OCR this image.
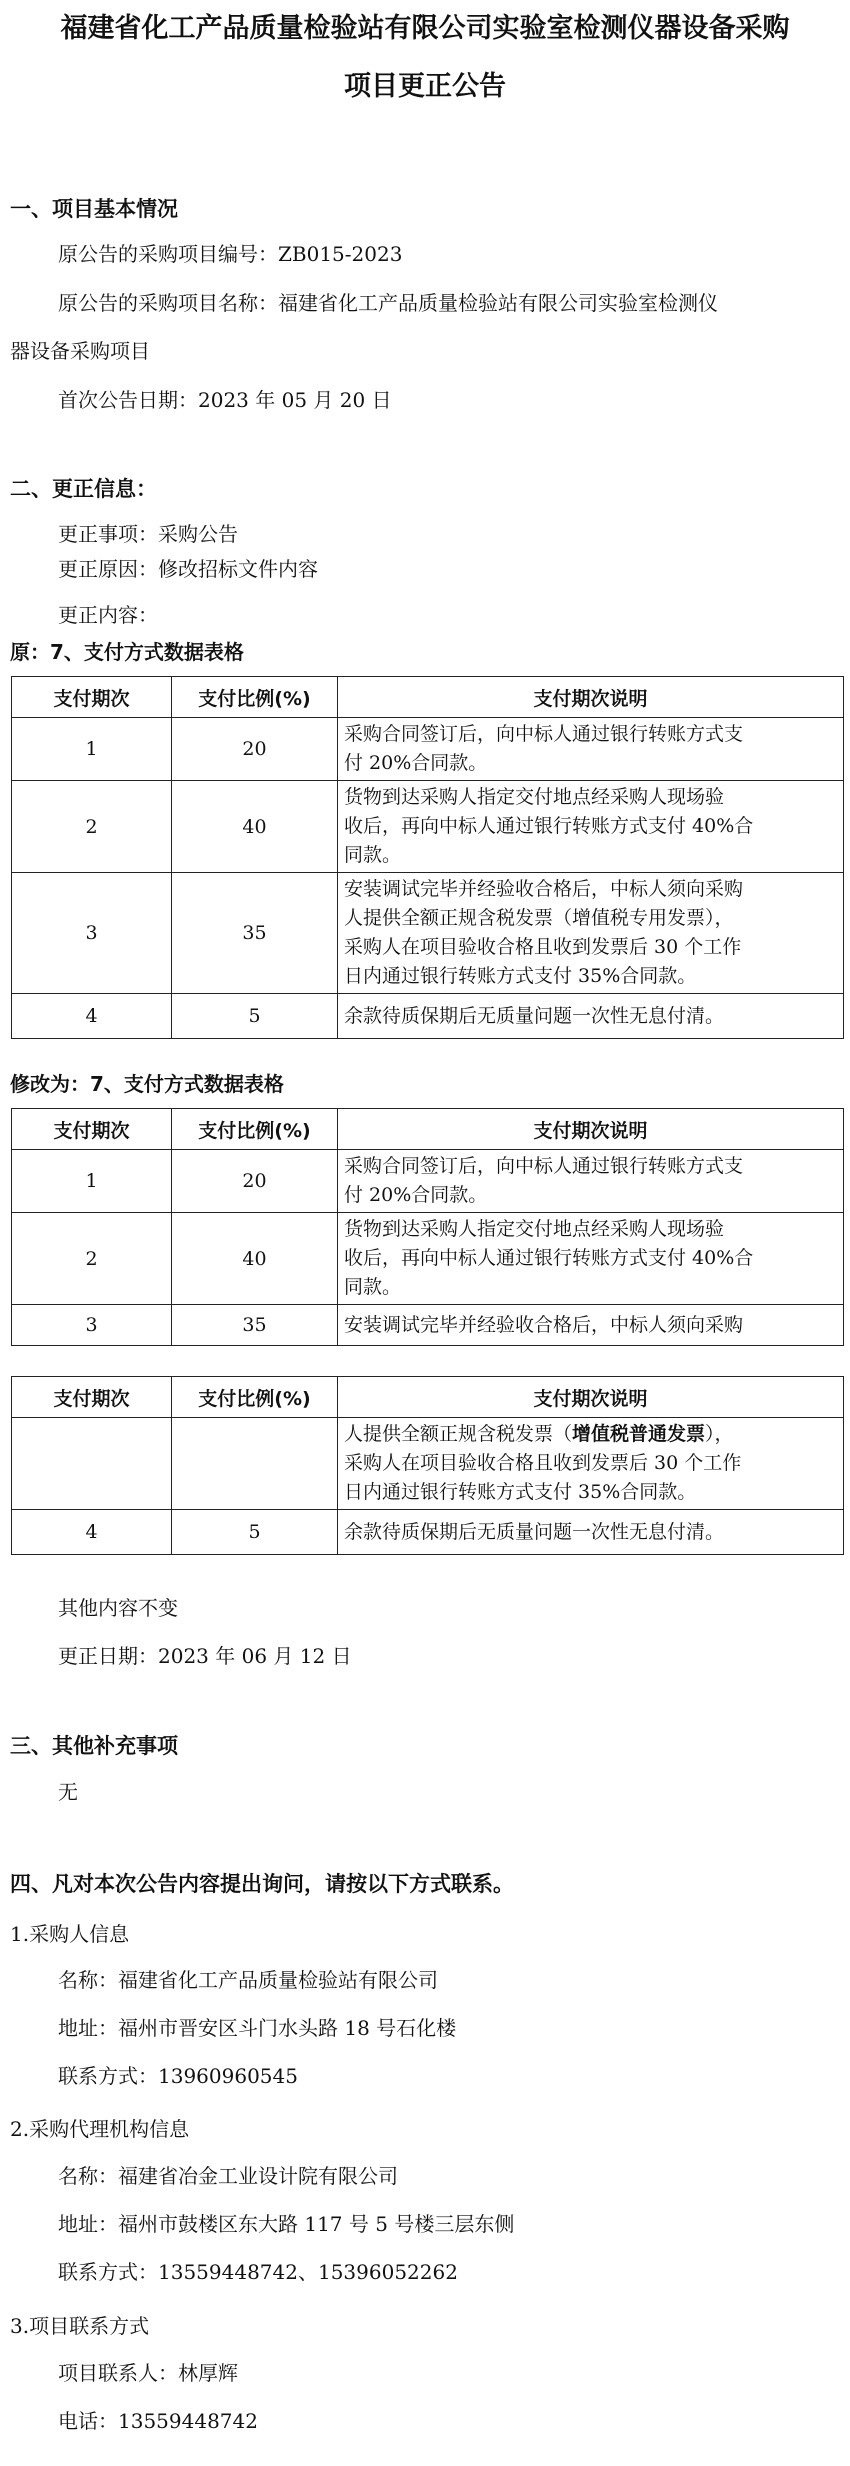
福建省化工产品质量检验站有限公司实验室检测仪器设备采购
项目更正公告
一、项目基本情况
原公告的采购项目编号：ZB015-2023
原公告的采购项目名称：福建省化工产品质量检验站有限公司实验室检测仪
器设备采购项目
首次公告日期：2023 年 05 月 20 日
二、更正信息：
更正事项：采购公告
更正原因：修改招标文件内容
更正内容：
原：7、支付方式数据表格
支付期次	支付比例(%)	支付期次说明
1	20	采购合同签订后，向中标人通过银行转账方式支
付 20%合同款。

2	40	货物到达采购人指定交付地点经采购人现场验
收后，再向中标人通过银行转账方式支付 40%合
同款。

3	35	安装调试完毕并经验收合格后，中标人须向采购
人提供全额正规含税发票（增值税专用发票），
采购人在项目验收合格且收到发票后 30 个工作
日内通过银行转账方式支付 35%合同款。

4	5	余款待质保期后无质量问题一次性无息付清。
修改为：7、支付方式数据表格
支付期次	支付比例(%)	支付期次说明
1	20	采购合同签订后，向中标人通过银行转账方式支
付 20%合同款。

2	40	货物到达采购人指定交付地点经采购人现场验
收后，再向中标人通过银行转账方式支付 40%合
同款。

3	35	安装调试完毕并经验收合格后，中标人须向采购
支付期次	支付比例(%)	支付期次说明

		人提供全额正规含税发票（增值税普通发票），
采购人在项目验收合格且收到发票后 30 个工作
日内通过银行转账方式支付 35%合同款。

4	5	余款待质保期后无质量问题一次性无息付清。
其他内容不变
更正日期：2023 年 06 月 12 日
三、其他补充事项
无
四、凡对本次公告内容提出询问，请按以下方式联系。
1.采购人信息
名称：福建省化工产品质量检验站有限公司
地址：福州市晋安区斗门水头路 18 号石化楼
联系方式：13960960545
2.采购代理机构信息
名称：福建省冶金工业设计院有限公司
地址：福州市鼓楼区东大路 117 号 5 号楼三层东侧
联系方式：13559448742、15396052262
3.项目联系方式
项目联系人：林厚辉
电话：13559448742
